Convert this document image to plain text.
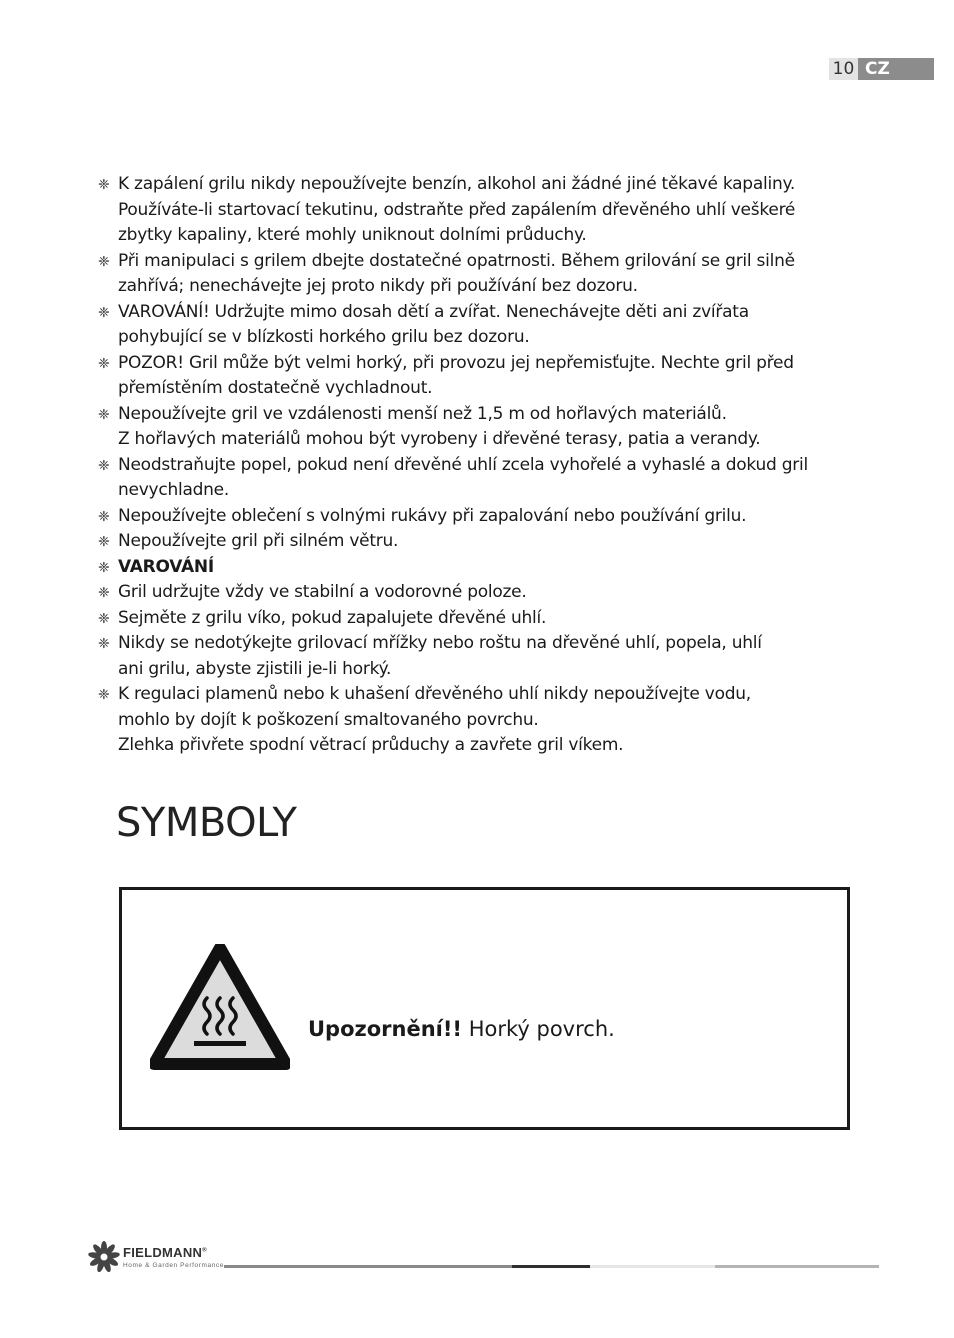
10 CZ
❈ K zapálení grilu nikdy nepoužívejte benzín, alkohol ani žádné jiné těkavé kapaliny.
Používáte-li startovací tekutinu, odstraňte před zapálením dřevěného uhlí veškeré
zbytky kapaliny, které mohly uniknout dolními průduchy.
❈ Při manipulaci s grilem dbejte dostatečné opatrnosti. Během grilování se gril silně
zahřívá; nenechávejte jej proto nikdy při používání bez dozoru.
❈ VAROVÁNÍ! Udržujte mimo dosah dětí a zvířat. Nenechávejte děti ani zvířata
pohybující se v blízkosti horkého grilu bez dozoru.
❈ POZOR! Gril může být velmi horký, při provozu jej nepřemisťujte. Nechte gril před
přemístěním dostatečně vychladnout.
❈ Nepoužívejte gril ve vzdálenosti menší než 1,5 m od hořlavých materiálů.
Z hořlavých materiálů mohou být vyrobeny i dřevěné terasy, patia a verandy.
❈ Neodstraňujte popel, pokud není dřevěné uhlí zcela vyhořelé a vyhaslé a dokud gril
nevychladne.
❈ Nepoužívejte oblečení s volnými rukávy při zapalování nebo používání grilu.
❈ Nepoužívejte gril při silném větru.
❈ VAROVÁNÍ
❈ Gril udržujte vždy ve stabilní a vodorovné poloze.
❈ Sejměte z grilu víko, pokud zapalujete dřevěné uhlí.
❈ Nikdy se nedotýkejte grilovací mřížky nebo roštu na dřevěné uhlí, popela, uhlí
ani grilu, abyste zjistili je-li horký.
❈ K regulaci plamenů nebo k uhašení dřevěného uhlí nikdy nepoužívejte vodu,
mohlo by dojít k poškození smaltovaného povrchu.
Zlehka přivřete spodní větrací průduchy a zavřete gril víkem.
SYMBOLY
Upozornění!! Horký povrch.
FIELDMANN®
Home & Garden Performance
